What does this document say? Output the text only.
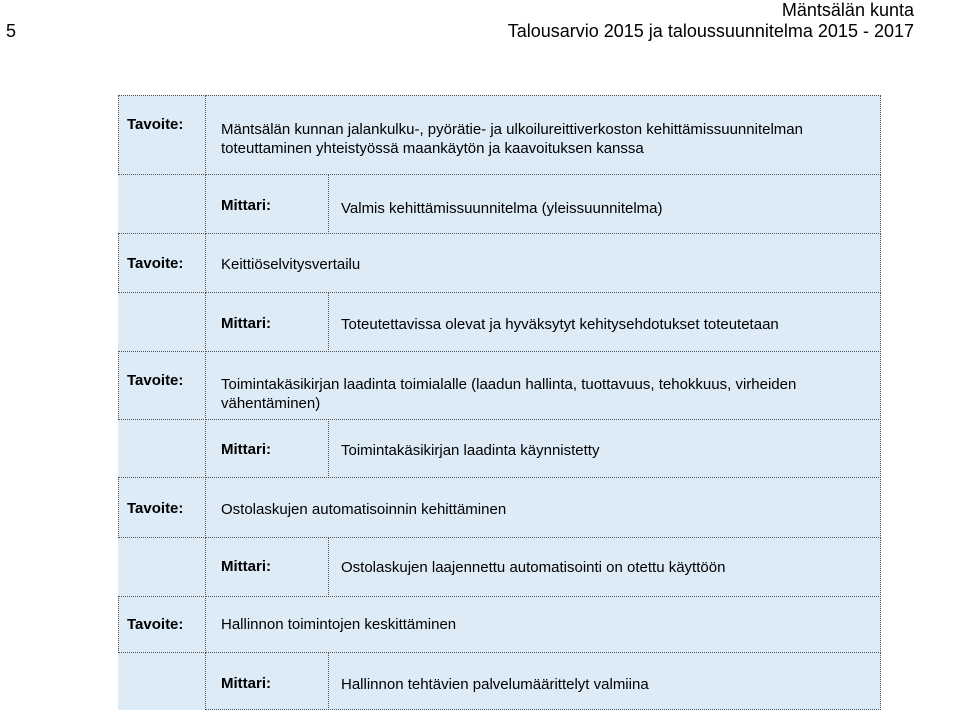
5
Mäntsälän kunta
Talousarvio 2015 ja taloussuunnitelma 2015 - 2017
Tavoite:	Mäntsälän kunnan jalankulku-, pyörätie- ja ulkoilureittiverkoston kehittämissuunnitelman
toteuttaminen yhteistyössä maankäytön ja kaavoituksen kanssa
Mittari:	Valmis kehittämissuunnitelma (yleissuunnitelma)
Tavoite:	Keittiöselvitysvertailu
Mittari:	Toteutettavissa olevat ja hyväksytyt kehitysehdotukset toteutetaan
Tavoite:	Toimintakäsikirjan laadinta toimialalle (laadun hallinta, tuottavuus, tehokkuus, virheiden
vähentäminen)
Mittari:	Toimintakäsikirjan laadinta käynnistetty
Tavoite:	Ostolaskujen automatisoinnin kehittäminen
Mittari:	Ostolaskujen laajennettu automatisointi on otettu käyttöön
Tavoite:	Hallinnon toimintojen keskittäminen
Mittari:	Hallinnon tehtävien palvelumäärittelyt valmiina
